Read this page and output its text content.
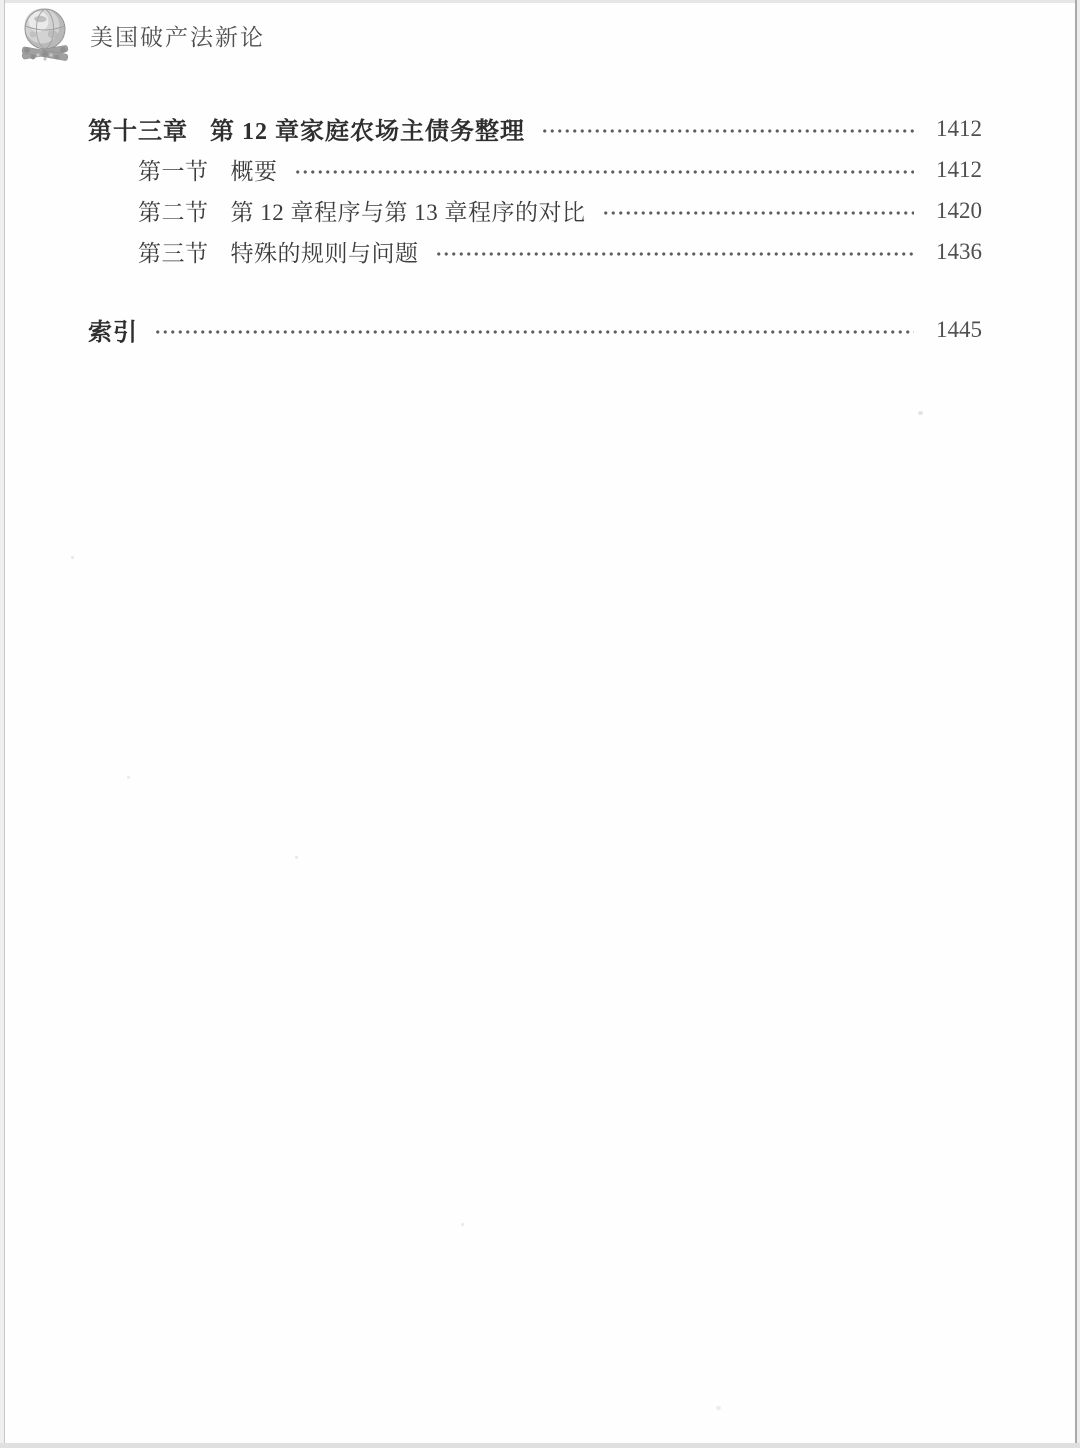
美国破产法新论
第十三章 第 12 章家庭农场主债务整理	1412
第一节 概要	1412
第二节 第 12 章程序与第 13 章程序的对比	1420
第三节 特殊的规则与问题	1436
索引	1445
